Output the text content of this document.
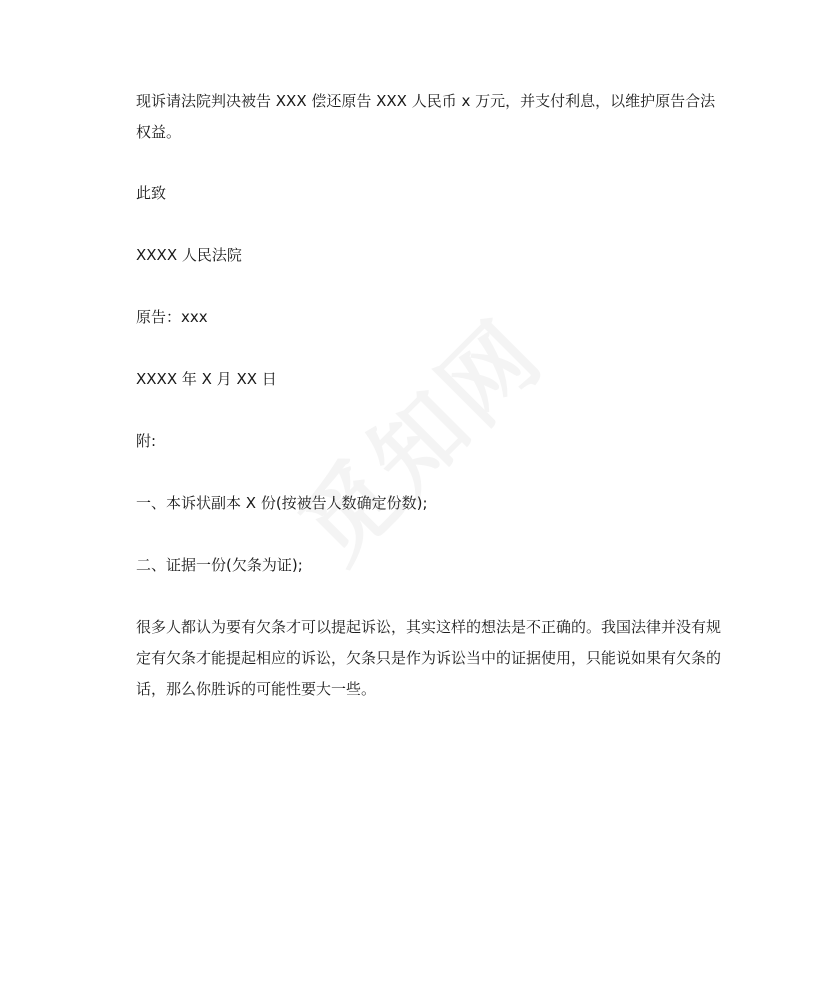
现诉请法院判决被告 XXX 偿还原告 XXX 人民币 x 万元，并支付利息，以维护原告合法权益。

此致

XXXX 人民法院

原告：xxx

XXXX 年 X 月 XX 日

附:

一、本诉状副本 X 份(按被告人数确定份数);

二、证据一份(欠条为证);

很多人都认为要有欠条才可以提起诉讼，其实这样的想法是不正确的。我国法律并没有规定有欠条才能提起相应的诉讼，欠条只是作为诉讼当中的证据使用，只能说如果有欠条的话，那么你胜诉的可能性要大一些。
